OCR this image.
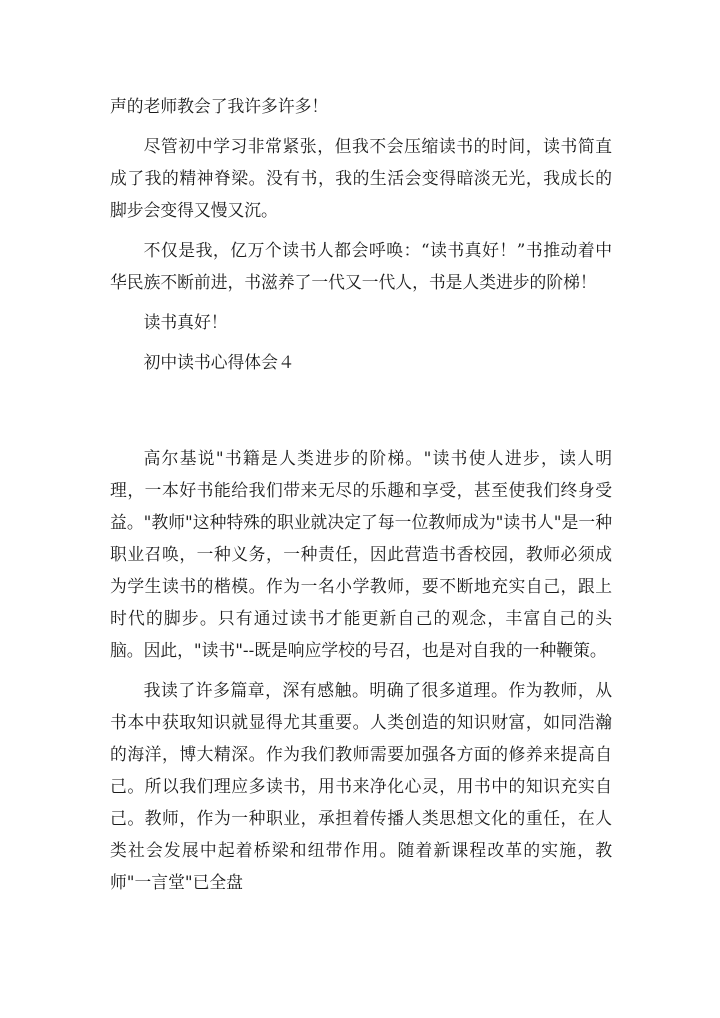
声的老师教会了我许多许多！

尽管初中学习非常紧张，但我不会压缩读书的时间，读书简直成了我的精神脊梁。没有书，我的生活会变得暗淡无光，我成长的脚步会变得又慢又沉。

不仅是我，亿万个读书人都会呼唤：“读书真好！”书推动着中华民族不断前进，书滋养了一代又一代人，书是人类进步的阶梯！

读书真好！

初中读书心得体会４

高尔基说"书籍是人类进步的阶梯。"读书使人进步，读人明理，一本好书能给我们带来无尽的乐趣和享受，甚至使我们终身受益。"教师"这种特殊的职业就决定了每一位教师成为"读书人"是一种职业召唤，一种义务，一种责任，因此营造书香校园，教师必须成为学生读书的楷模。作为一名小学教师，要不断地充实自己，跟上时代的脚步。只有通过读书才能更新自己的观念，丰富自己的头脑。因此，"读书"--既是响应学校的号召，也是对自我的一种鞭策。

我读了许多篇章，深有感触。明确了很多道理。作为教师，从书本中获取知识就显得尤其重要。人类创造的知识财富，如同浩瀚的海洋，博大精深。作为我们教师需要加强各方面的修养来提高自己。所以我们理应多读书，用书来净化心灵，用书中的知识充实自己。教师，作为一种职业，承担着传播人类思想文化的重任，在人类社会发展中起着桥梁和纽带作用。随着新课程改革的实施，教师"一言堂"已全盘
